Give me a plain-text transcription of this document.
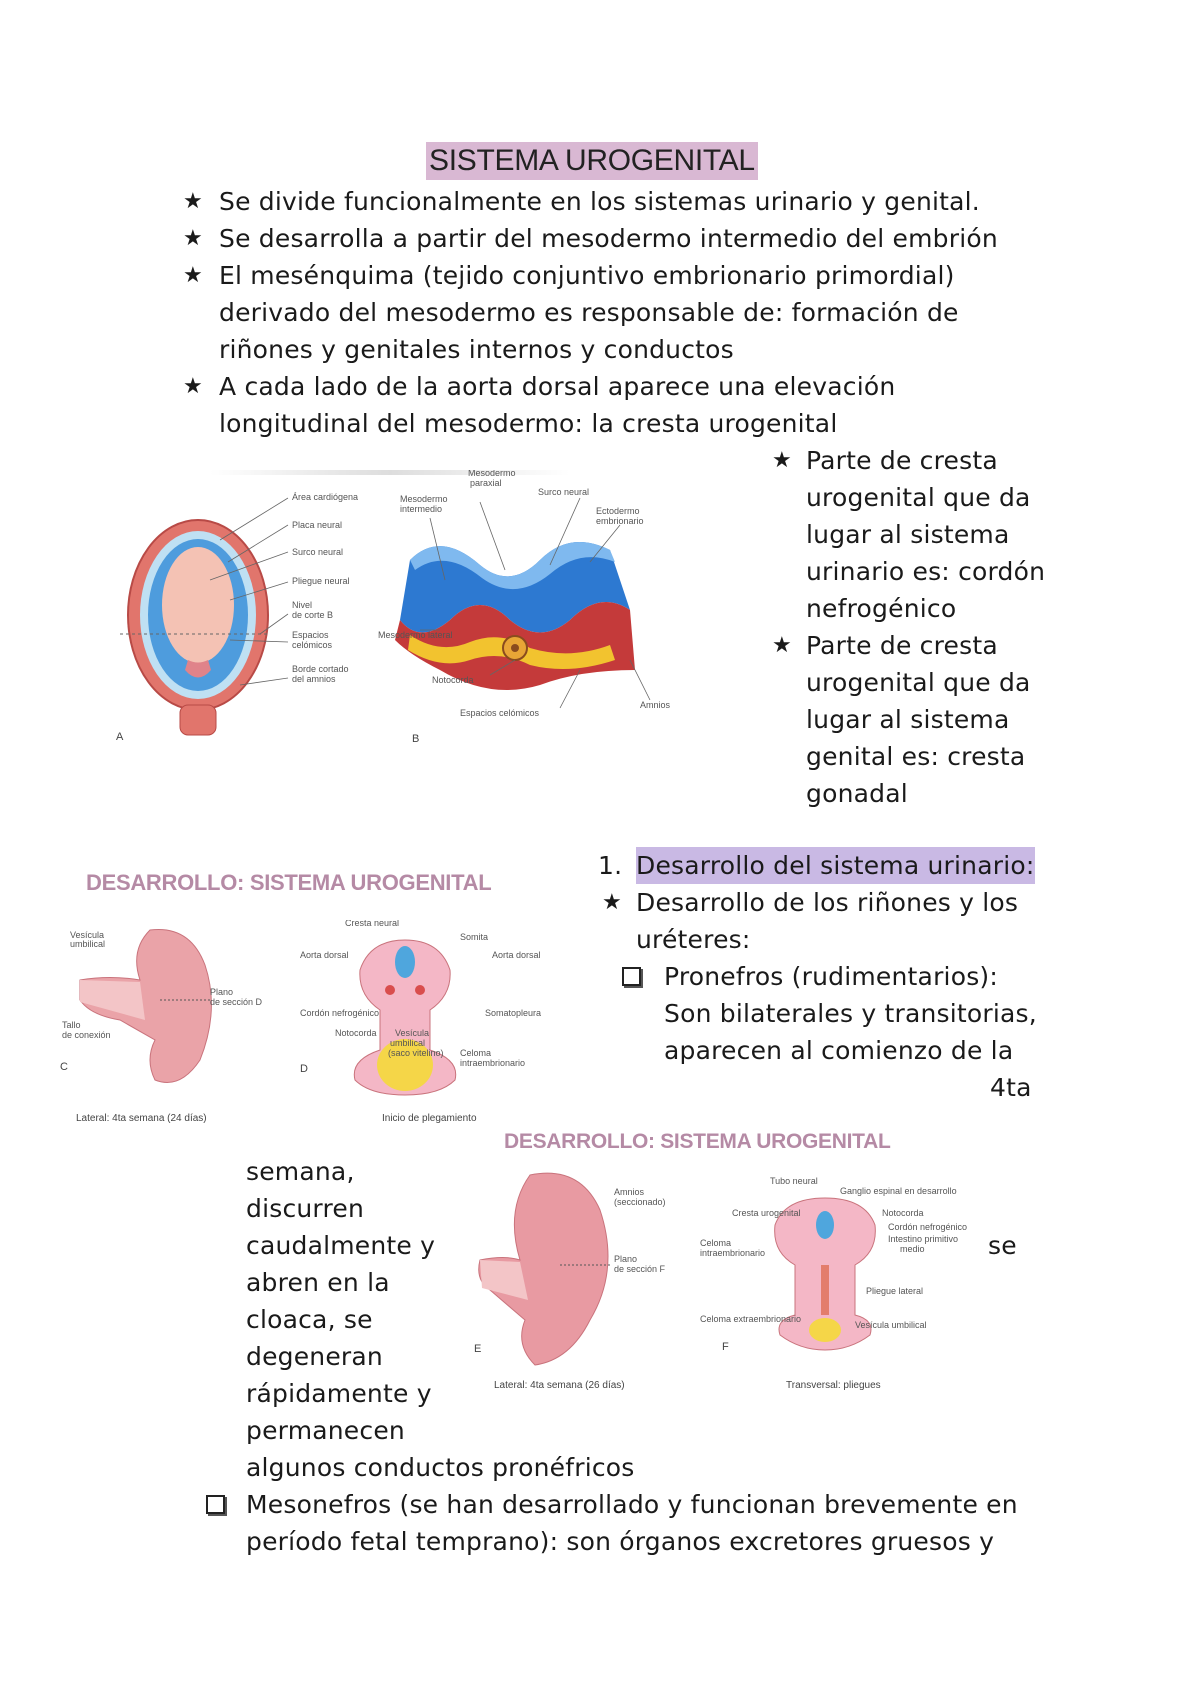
SISTEMA UROGENITAL
★ Se divide funcionalmente en los sistemas urinario y genital.
★ Se desarrolla a partir del mesodermo intermedio del embrión
★ El mesénquima (tejido conjuntivo embrionario primordial)
derivado del mesodermo es responsable de: formación de
riñones y genitales internos y conductos
★ A cada lado de la aorta dorsal aparece una elevación
longitudinal del mesodermo: la cresta urogenital
★ Parte de cresta
urogenital que da
lugar al sistema
urinario es: cordón
nefrogénico
★ Parte de cresta
urogenital que da
lugar al sistema
genital es: cresta
gonadal
Área cardiógena
Placa neural
Surco neural
Pliegue neural
Nivel
de corte B
Espacios
celómicos
Borde cortado
del amnios
A
Mesodermo
paraxial
Mesodermo
intermedio
Surco neural
Ectodermo
embrionario
Mesodermo lateral
Notocorda
Espacios celómicos
Amnios
B
DESARROLLO: SISTEMA UROGENITAL
Vesícula
umbilical
Plano
de sección D
Tallo
de conexión
C
Cresta neural
Somita
Aorta dorsal	Aorta dorsal
Cordón nefrogénico	Somatopleura
Notocorda Vesícula
umbilical
(saco vitelino) Celoma
intraembrionario
D
Lateral: 4ta semana (24 días)	Inicio de plegamiento
1. Desarrollo del sistema urinario:
★ Desarrollo de los riñones y los
uréteres:
Pronefros (rudimentarios):
Son bilaterales y transitorias,
aparecen al comienzo de la
4ta
DESARROLLO: SISTEMA UROGENITAL
Amnios
(seccionado)
Plano
de sección F
E
Tubo neural
Ganglio espinal en desarrollo
Cresta urogenital	Notocorda
Cordón nefrogénico
Intestino primitivo
medio
Celoma
intraembrionario
Celoma extraembrionario
Vesícula umbilical
Pliegue lateral
F
Lateral: 4ta semana (26 días)	Transversal: pliegues
semana,
discurren
caudalmente y
abren en la
cloaca, se
degeneran
rápidamente y
permanecen
se
algunos conductos pronéfricos
Mesonefros (se han desarrollado y funcionan brevemente en
período fetal temprano): son órganos excretores gruesos y
